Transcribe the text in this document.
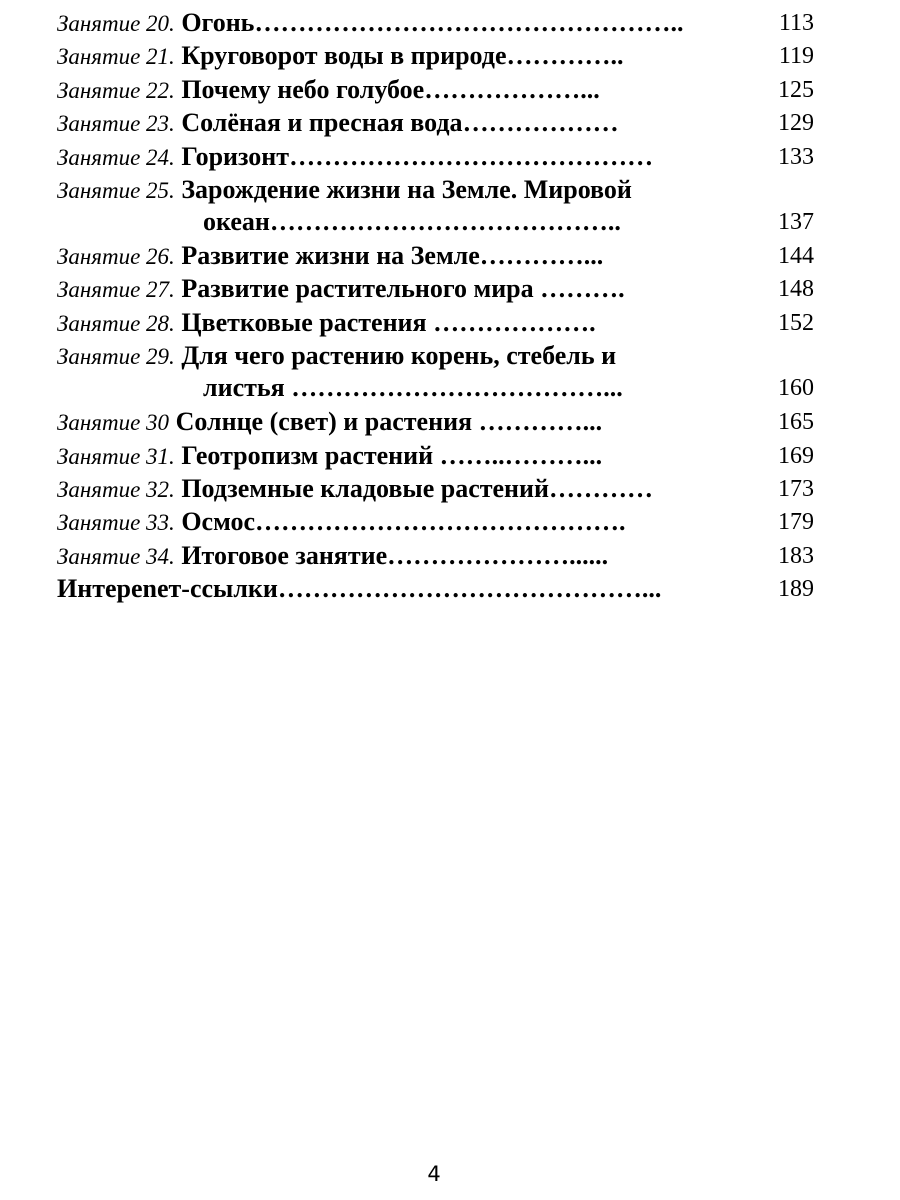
Занятие 20. Огонь…………………………………………..	113
Занятие 21. Круговорот воды в природе…………..	119
Занятие 22. Почему небо голубое………………...	125
Занятие 23. Солёная и пресная вода………………	129
Занятие 24. Горизонт……………………………………	133
Занятие 25. Зарождение жизни на Земле. Мировой
океан…………………………………..	137
Занятие 26. Развитие жизни на Земле…………...	144
Занятие 27. Развитие растительного мира ……….	148
Занятие 28. Цветковые растения ……………….	152
Занятие 29. Для чего растению корень, стебель и
листья ………………………………...	160
Занятие 30 Солнце (свет) и растения …………...	165
Занятие 31. Геотропизм растений ……..………...	169
Занятие 32. Подземные кладовые растений…………	173
Занятие 33. Осмос…………………………………….	179
Занятие 34. Итоговое занятие…………………......	183
Интерenет-ссылки……………………………………...	189
4
